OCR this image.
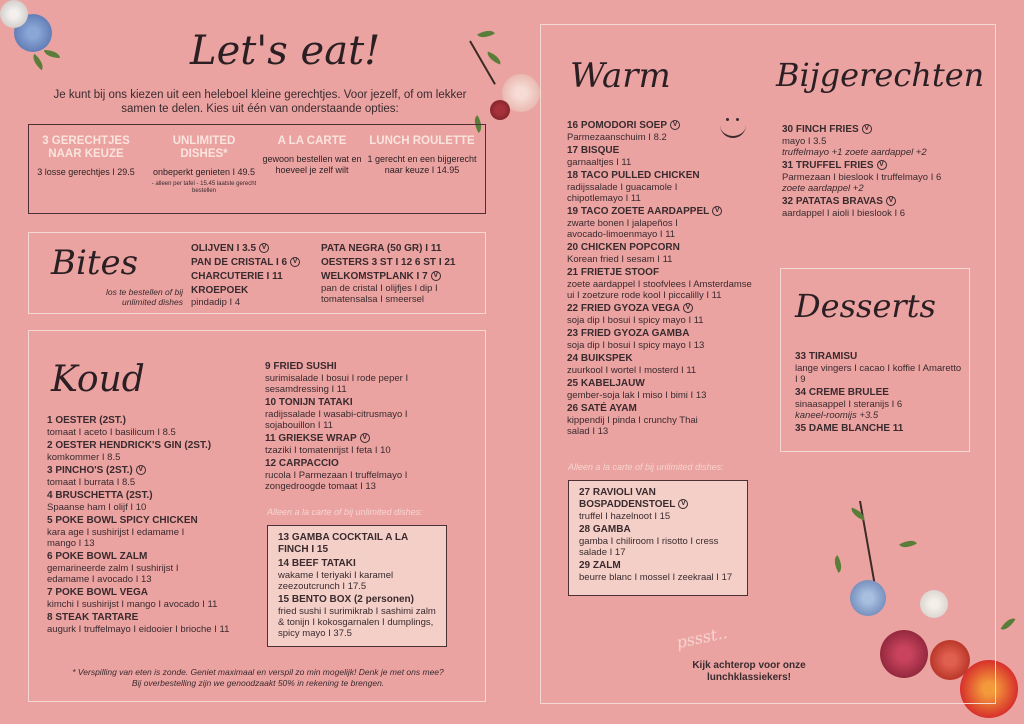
Let's eat!

Je kunt bij ons kiezen uit een heleboel kleine gerechtjes. Voor jezelf, of om lekker samen te delen. Kies uit één van onderstaande opties:

3 GERECHTJES NAAR KEUZE
3 losse gerechtjes I 29.5
UNLIMITED DISHES*
onbeperkt genieten I 49.5
- alleen per tafel - 15.45 laatste gerecht bestellen
A LA CARTE
gewoon bestellen wat en hoeveel je zelf wilt
LUNCH ROULETTE
1 gerecht en een bijgerecht naar keuze I 14.95
Bites
los te bestellen of bij unlimited dishes
OLIJVEN I 3.5 V
PAN DE CRISTAL I 6 V
CHARCUTERIE I 11
KROEPOEK
pindadip I 4
PATA NEGRA (50 GR) I 11
OESTERS 3 ST I 12 6 ST I 21
WELKOMSTPLANK I 7 V
pan de cristal I olijfjes I dip I tomatensalsa I smeersel
Koud
1 OESTER (2ST.)
tomaat I aceto I basilicum I 8.5
2 OESTER HENDRICK'S GIN (2ST.)
komkommer I 8.5
3 PINCHO'S (2ST.) V
tomaat I burrata I 8.5
4 BRUSCHETTA (2ST.)
Spaanse ham I olijf I 10
5 POKE BOWL SPICY CHICKEN
kara age I sushirijst I edamame I mango I 13
6 POKE BOWL ZALM
gemarineerde zalm I sushirijst I edamame I avocado I 13
7 POKE BOWL VEGA
kimchi I sushirijst I mango I avocado I 11
8 STEAK TARTARE
augurk I truffelmayo I eidooier I brioche I 11
9 FRIED SUSHI
surimisalade I bosui I rode peper I sesamdressing I 11
10 TONIJN TATAKI
radijssalade I wasabi-citrusmayo I sojabouillon I 11
11 GRIEKSE WRAP V
tzaziki I tomatenrijst I feta I 10
12 CARPACCIO
rucola I Parmezaan I truffelmayo I zongedroogde tomaat I 13
Alleen a la carte of bij unlimited dishes:
13 GAMBA COCKTAIL A LA FINCH I 15
14 BEEF TATAKI
wakame I teriyaki I karamel zeezoutcrunch I 17.5
15 BENTO BOX (2 personen)
fried sushi I surimikrab I sashimi zalm & tonijn I kokosgarnalen I dumplings, spicy mayo I 37.5
* Verspilling van eten is zonde. Geniet maximaal en verspil zo min mogelijk! Denk je met ons mee?
Bij overbestelling zijn we genoodzaakt 50% in rekening te brengen.
Warm
16 POMODORI SOEP V
Parmezaanschuim I 8.2
17 BISQUE
garnaaltjes I 11
18 TACO PULLED CHICKEN
radijssalade I guacamole I chipotlemayo I 11
19 TACO ZOETE AARDAPPEL V
zwarte bonen I jalapeños I avocado-limoenmayo I 11
20 CHICKEN POPCORN
Korean fried I sesam I 11
21 FRIETJE STOOF
zoete aardappel I stoofvlees I Amsterdamse ui I zoetzure rode kool I piccalilly I 11
22 FRIED GYOZA VEGA V
soja dip I bosui I spicy mayo I 11
23 FRIED GYOZA GAMBA
soja dip I bosui I spicy mayo I 13
24 BUIKSPEK
zuurkool I wortel I mosterd I 11
25 KABELJAUW
gember-soja lak I miso I bimi I 13
26 SATÉ AYAM
kippendij I pinda I crunchy Thai salad I 13
Alleen a la carte of bij unlimited dishes:
27 RAVIOLI VAN BOSPADDENSTOEL V
truffel I hazelnoot I 15
28 GAMBA
gamba I chiliroom I risotto I cress salade I 17
29 ZALM
beurre blanc I mossel I zeekraal I 17
Bijgerechten
30 FINCH FRIES V
mayo I 3.5
truffelmayo +1 zoete aardappel +2
31 TRUFFEL FRIES V
Parmezaan I bieslook I truffelmayo I 6
zoete aardappel +2
32 PATATAS BRAVAS V
aardappel I aioli I bieslook I 6
Desserts
33 TIRAMISU
lange vingers I cacao I koffie I Amaretto I 9
34 CREME BRULEE
sinaasappel I steranijs I 6
kaneel-roomijs +3.5
35 DAME BLANCHE 11
pssst..
Kijk achterop voor onze lunchklassiekers!
